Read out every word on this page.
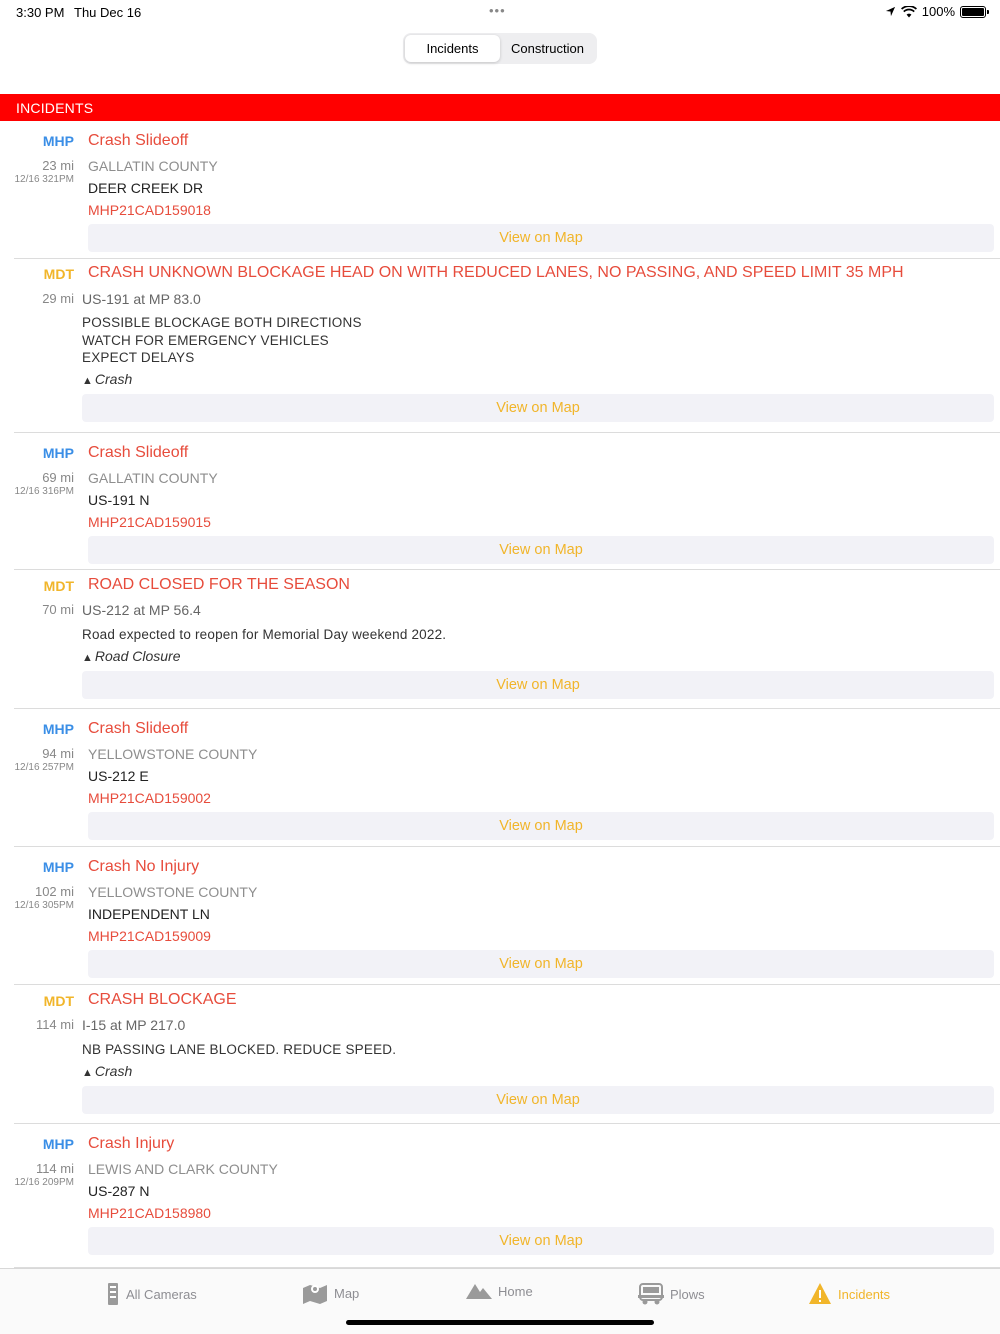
3:30 PM Thu Dec 16	•••	100%
Incidents	Construction
INCIDENTS
MHP Crash Slideoff
23 mi
12/16 321PM
GALLATIN COUNTY
DEER CREEK DR
MHP21CAD159018
View on Map
MDT CRASH UNKNOWN BLOCKAGE HEAD ON WITH REDUCED LANES, NO PASSING, AND SPEED LIMIT 35 MPH
29 mi US-191 at MP 83.0
POSSIBLE BLOCKAGE BOTH DIRECTIONS
WATCH FOR EMERGENCY VEHICLES
EXPECT DELAYS
▲ Crash
View on Map
MHP Crash Slideoff
69 mi
12/16 316PM
GALLATIN COUNTY
US-191 N
MHP21CAD159015
View on Map
MDT ROAD CLOSED FOR THE SEASON
70 mi US-212 at MP 56.4
Road expected to reopen for Memorial Day weekend 2022.
▲ Road Closure
View on Map
MHP Crash Slideoff
94 mi
12/16 257PM
YELLOWSTONE COUNTY
US-212 E
MHP21CAD159002
View on Map
MHP Crash No Injury
102 mi
12/16 305PM
YELLOWSTONE COUNTY
INDEPENDENT LN
MHP21CAD159009
View on Map
MDT CRASH BLOCKAGE
114 mi I-15 at MP 217.0
NB PASSING LANE BLOCKED. REDUCE SPEED.
▲ Crash
View on Map
MHP Crash Injury
114 mi
12/16 209PM
LEWIS AND CLARK COUNTY
US-287 N
MHP21CAD158980
View on Map
All Cameras	Map	Home	Plows	Incidents
